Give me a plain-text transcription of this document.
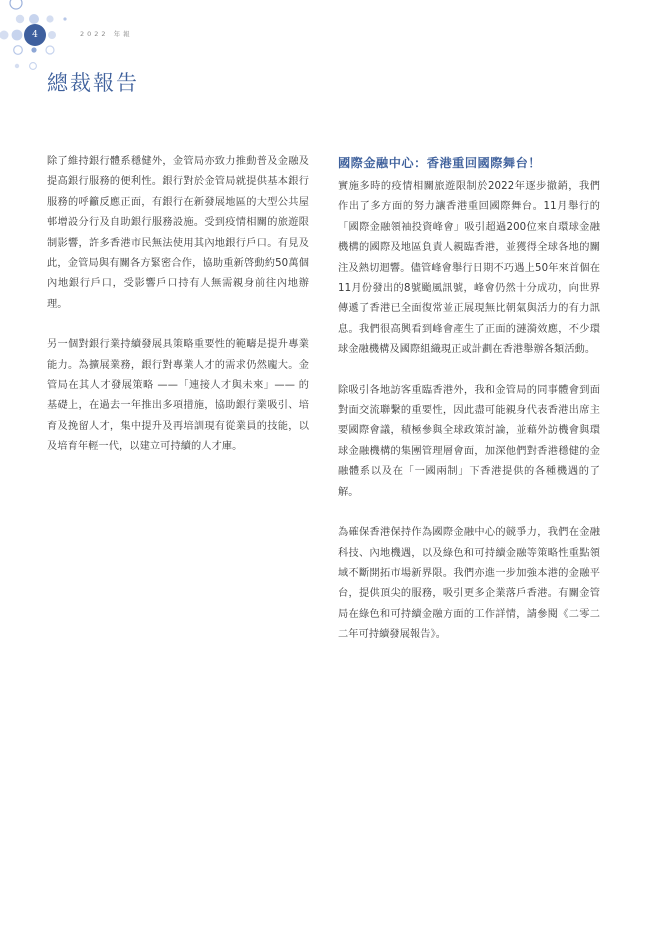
4	2022 年報
總裁報告

除了維持銀行體系穩健外，金管局亦致力推動普及金融及提高銀行服務的便利性。銀行對於金管局就提供基本銀行服務的呼籲反應正面，有銀行在新發展地區的大型公共屋邨增設分行及自助銀行服務設施。受到疫情相關的旅遊限制影響，許多香港市民無法使用其內地銀行戶口。有見及此，金管局與有關各方緊密合作，協助重新啓動約50萬個內地銀行戶口，受影響戶口持有人無需親身前往內地辦理。

另一個對銀行業持續發展具策略重要性的範疇是提升專業能力。為擴展業務，銀行對專業人才的需求仍然龐大。金管局在其人才發展策略 ——「連接人才與未來」—— 的基礎上，在過去一年推出多項措施，協助銀行業吸引、培育及挽留人才，集中提升及再培訓現有從業員的技能，以及培育年輕一代，以建立可持續的人才庫。

國際金融中心：香港重回國際舞台！

實施多時的疫情相關旅遊限制於2022年逐步撤銷，我們作出了多方面的努力讓香港重回國際舞台。11月舉行的「國際金融領袖投資峰會」吸引超過200位來自環球金融機構的國際及地區負責人親臨香港，並獲得全球各地的關注及熱切迴響。儘管峰會舉行日期不巧遇上50年來首個在11月份發出的8號颱風訊號，峰會仍然十分成功，向世界傳遞了香港已全面復常並正展現無比朝氣與活力的有力訊息。我們很高興看到峰會產生了正面的漣漪效應，不少環球金融機構及國際組織現正或計劃在香港舉辦各類活動。

除吸引各地訪客重臨香港外，我和金管局的同事體會到面對面交流聯繫的重要性，因此盡可能親身代表香港出席主要國際會議，積極參與全球政策討論，並藉外訪機會與環球金融機構的集團管理層會面，加深他們對香港穩健的金融體系以及在「一國兩制」下香港提供的各種機遇的了解。

為確保香港保持作為國際金融中心的競爭力，我們在金融科技、內地機遇，以及綠色和可持續金融等策略性重點領域不斷開拓市場新界限。我們亦進一步加強本港的金融平台，提供頂尖的服務，吸引更多企業落戶香港。有關金管局在綠色和可持續金融方面的工作詳情，請參閱《二零二二年可持續發展報告》。
